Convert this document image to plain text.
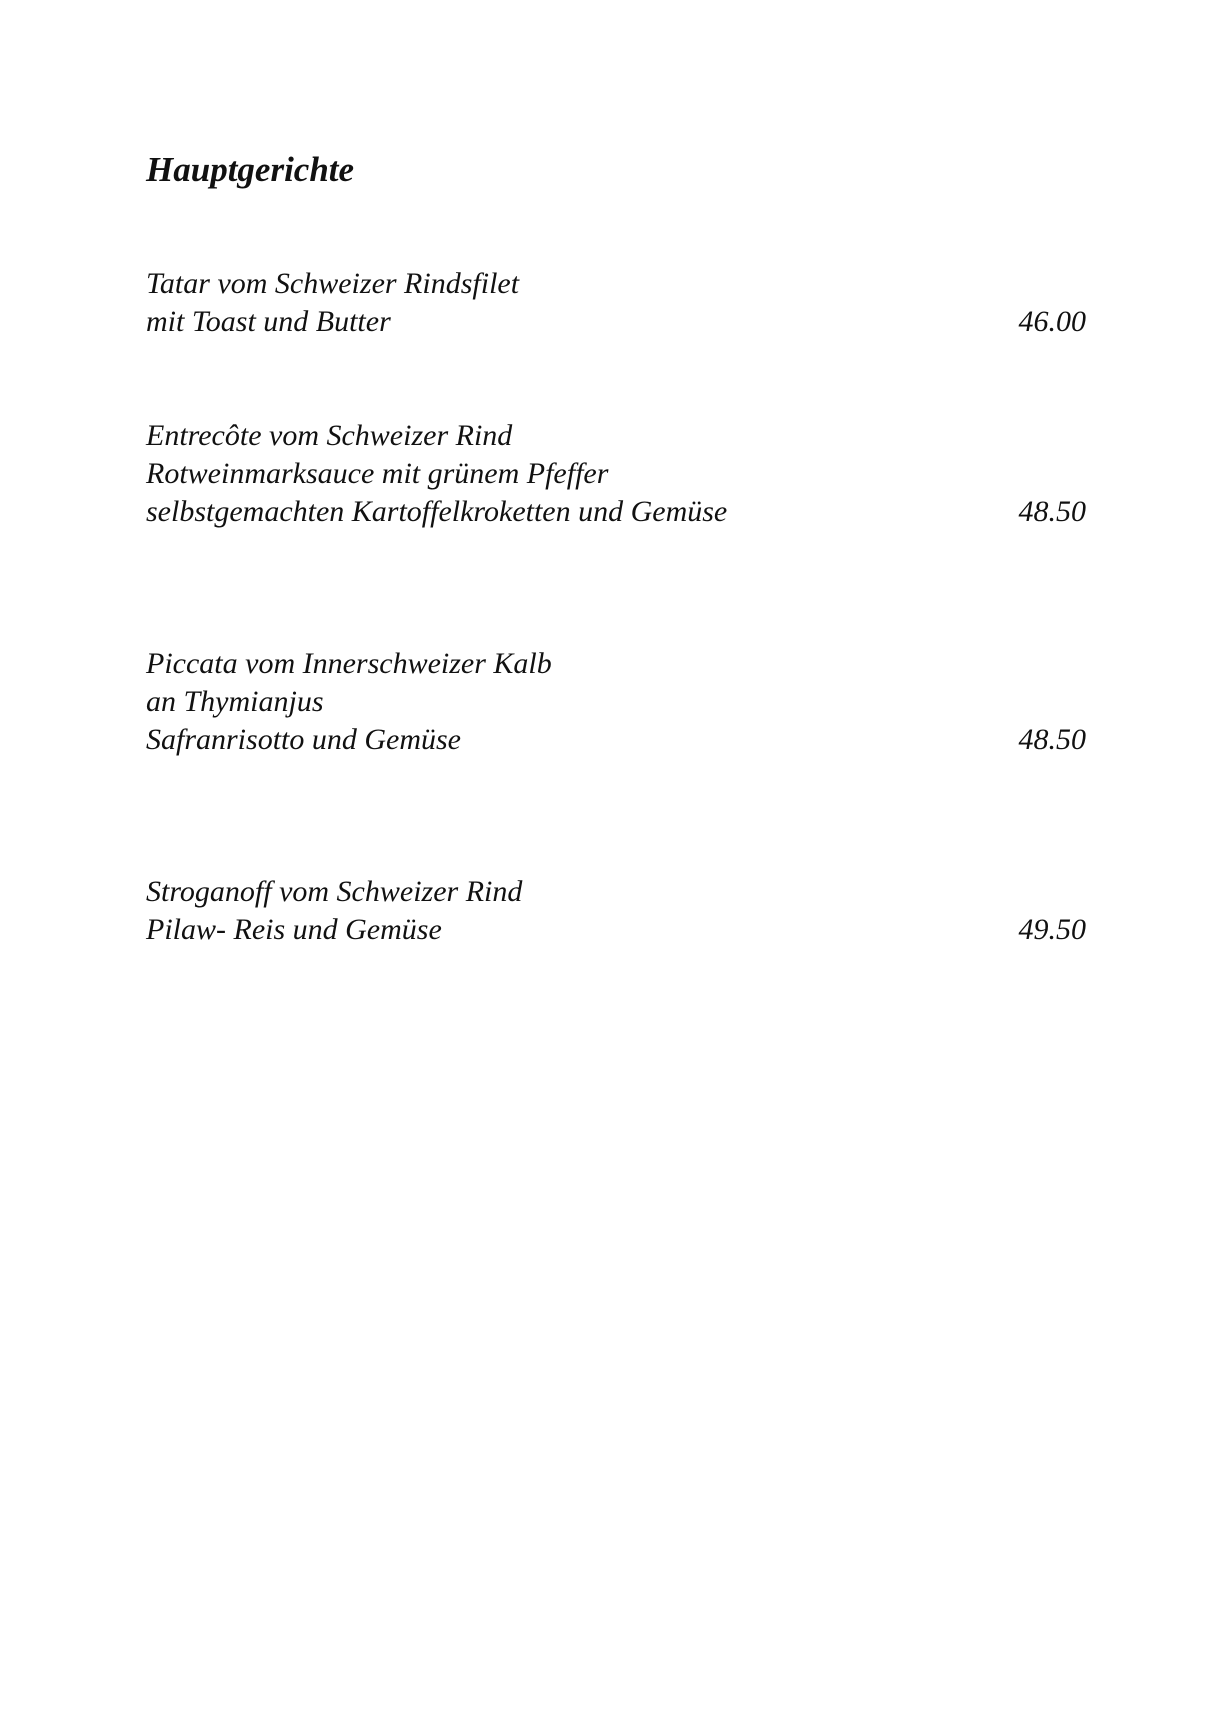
Hauptgerichte
Tatar vom Schweizer Rindsfilet
mit Toast und Butter	46.00
Entrecôte vom Schweizer Rind
Rotweinmarksauce mit grünem Pfeffer
selbstgemachten Kartoffelkroketten und Gemüse	48.50
Piccata vom Innerschweizer Kalb
an Thymianjus
Safranrisotto und Gemüse	48.50
Stroganoff vom Schweizer Rind
Pilaw- Reis und Gemüse	49.50
